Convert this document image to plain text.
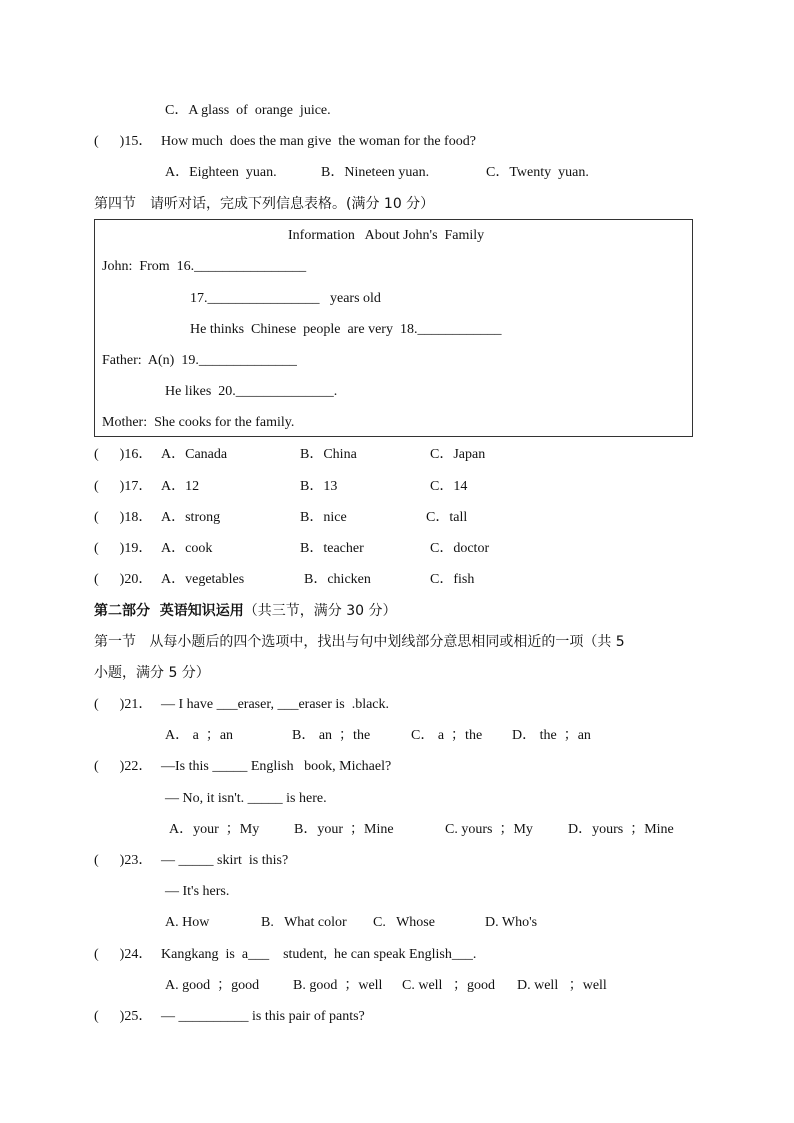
C．A glass  of  orange  juice.
(      )15． How much  does the man give  the woman for the food?
A．Eighteen  yuan.	B．Nineteen yuan.	C．Twenty  yuan.
第四节　请听对话，完成下列信息表格。(满分 10 分）
Information   About John's  Family
John:  From  16.________________
17.________________   years old
He thinks  Chinese  people  are very  18.____________
Father:  A(n)  19.______________
He likes  20.______________.
Mother:  She cooks for the family.
(      )16． A．Canada	B．China	C．Japan
(      )17． A．12	B．13	C．14
(      )18． A．strong	B．nice	C．tall
(      )19． A．cook	B．teacher	C．doctor
(      )20． A．vegetables	B．chicken	C．fish
第二部分  英语知识运用（共三节，满分 30 分）
第一节   从每小题后的四个选项中，找出与句中划线部分意思相同或相近的一项（共 5
小题，满分 5 分）
(      )21． — I have ___eraser, ___eraser is  .black.
A． a  ；an	B． an  ；the	C． a  ；the D． the  ；an
(      )22． —Is this _____ English   book, Michael?
— No, it isn't. _____ is here.
A．your  ；My B．your  ；Mine	C. yours  ；My	D．yours  ；Mine
(      )23． — _____ skirt  is this?
— It's hers.
A. How	B.   What color C.   Whose	D. Who's
(      )24． Kangkang  is  a___    student,  he can speak English___.
A. good  ；good B. good  ；well C. well   ；good D. well   ；well
(      )25． — __________ is this pair of pants?
